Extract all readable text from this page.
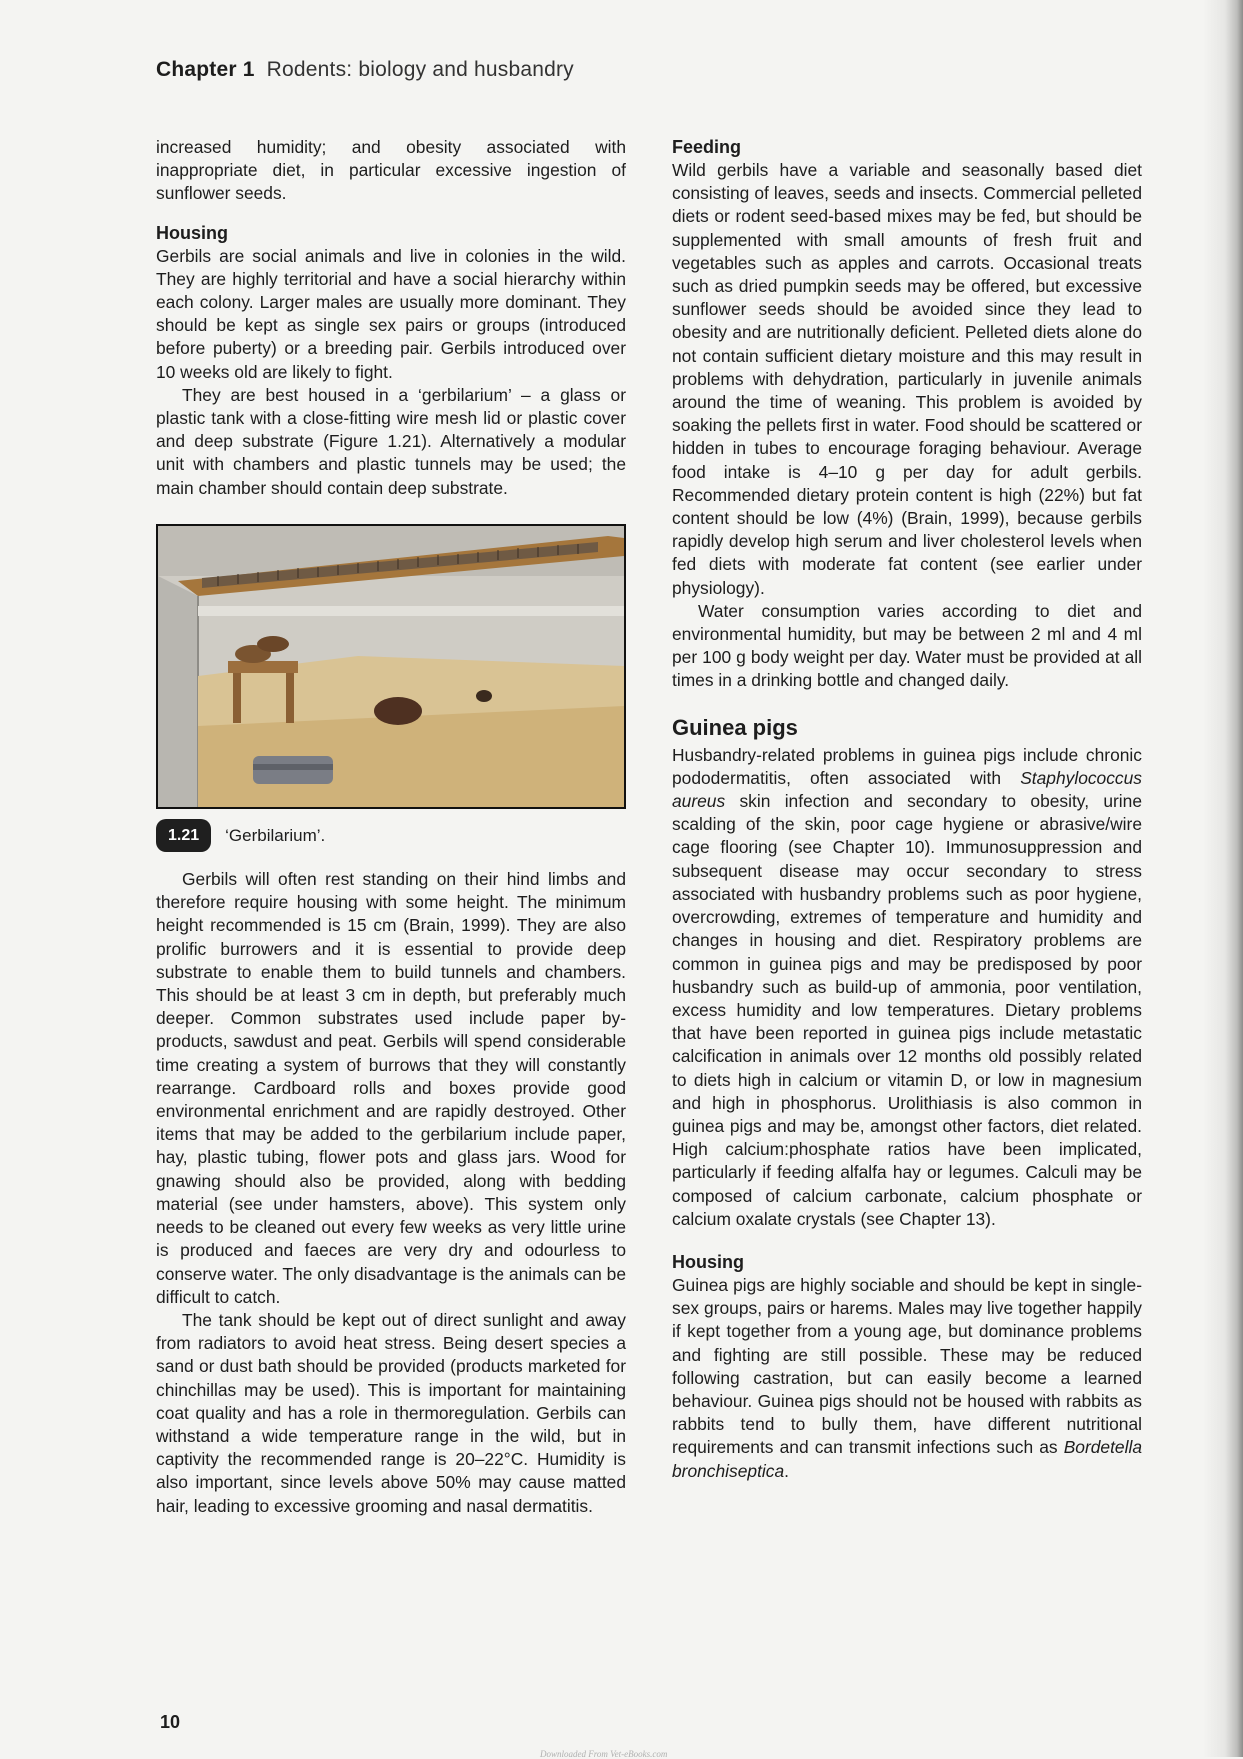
Chapter 1 Rodents: biology and husbandry

increased humidity; and obesity associated with inappropriate diet, in particular excessive ingestion of sunflower seeds.

Housing

Gerbils are social animals and live in colonies in the wild. They are highly territorial and have a social hierarchy within each colony. Larger males are usually more dominant. They should be kept as single sex pairs or groups (introduced before puberty) or a breeding pair. Gerbils introduced over 10 weeks old are likely to fight.

They are best housed in a ‘gerbilarium’ – a glass or plastic tank with a close-fitting wire mesh lid or plastic cover and deep substrate (Figure 1.21). Alternatively a modular unit with chambers and plastic tunnels may be used; the main chamber should contain deep substrate.

1.21	‘Gerbilarium’.

Gerbils will often rest standing on their hind limbs and therefore require housing with some height. The minimum height recommended is 15 cm (Brain, 1999). They are also prolific burrowers and it is essential to provide deep substrate to enable them to build tunnels and chambers. This should be at least 3 cm in depth, but preferably much deeper. Common substrates used include paper by-products, sawdust and peat. Gerbils will spend considerable time creating a system of burrows that they will constantly rearrange. Cardboard rolls and boxes provide good environmental enrichment and are rapidly destroyed. Other items that may be added to the gerbilarium include paper, hay, plastic tubing, flower pots and glass jars. Wood for gnawing should also be provided, along with bedding material (see under hamsters, above). This system only needs to be cleaned out every few weeks as very little urine is produced and faeces are very dry and odourless to conserve water. The only disadvantage is the animals can be difficult to catch.

The tank should be kept out of direct sunlight and away from radiators to avoid heat stress. Being desert species a sand or dust bath should be provided (products marketed for chinchillas may be used). This is important for maintaining coat quality and has a role in thermoregulation. Gerbils can withstand a wide temperature range in the wild, but in captivity the recommended range is 20–22°C. Humidity is also important, since levels above 50% may cause matted hair, leading to excessive grooming and nasal dermatitis.

Feeding

Wild gerbils have a variable and seasonally based diet consisting of leaves, seeds and insects. Commercial pelleted diets or rodent seed-based mixes may be fed, but should be supplemented with small amounts of fresh fruit and vegetables such as apples and carrots. Occasional treats such as dried pumpkin seeds may be offered, but excessive sunflower seeds should be avoided since they lead to obesity and are nutritionally deficient. Pelleted diets alone do not contain sufficient dietary moisture and this may result in problems with dehydration, particularly in juvenile animals around the time of weaning. This problem is avoided by soaking the pellets first in water. Food should be scattered or hidden in tubes to encourage foraging behaviour. Average food intake is 4–10 g per day for adult gerbils. Recommended dietary protein content is high (22%) but fat content should be low (4%) (Brain, 1999), because gerbils rapidly develop high serum and liver cholesterol levels when fed diets with moderate fat content (see earlier under physiology).

Water consumption varies according to diet and environmental humidity, but may be between 2 ml and 4 ml per 100 g body weight per day. Water must be provided at all times in a drinking bottle and changed daily.

Guinea pigs

Husbandry-related problems in guinea pigs include chronic pododermatitis, often associated with Staphylococcus aureus skin infection and secondary to obesity, urine scalding of the skin, poor cage hygiene or abrasive/wire cage flooring (see Chapter 10). Immunosuppression and subsequent disease may occur secondary to stress associated with husbandry problems such as poor hygiene, overcrowding, extremes of temperature and humidity and changes in housing and diet. Respiratory problems are common in guinea pigs and may be predisposed by poor husbandry such as build-up of ammonia, poor ventilation, excess humidity and low temperatures. Dietary problems that have been reported in guinea pigs include metastatic calcification in animals over 12 months old possibly related to diets high in calcium or vitamin D, or low in magnesium and high in phosphorus. Urolithiasis is also common in guinea pigs and may be, amongst other factors, diet related. High calcium:phosphate ratios have been implicated, particularly if feeding alfalfa hay or legumes. Calculi may be composed of calcium carbonate, calcium phosphate or calcium oxalate crystals (see Chapter 13).

Housing

Guinea pigs are highly sociable and should be kept in single-sex groups, pairs or harems. Males may live together happily if kept together from a young age, but dominance problems and fighting are still possible. These may be reduced following castration, but can easily become a learned behaviour. Guinea pigs should not be housed with rabbits as rabbits tend to bully them, have different nutritional requirements and can transmit infections such as Bordetella bronchiseptica.

10
Downloaded From Vet-eBooks.com
